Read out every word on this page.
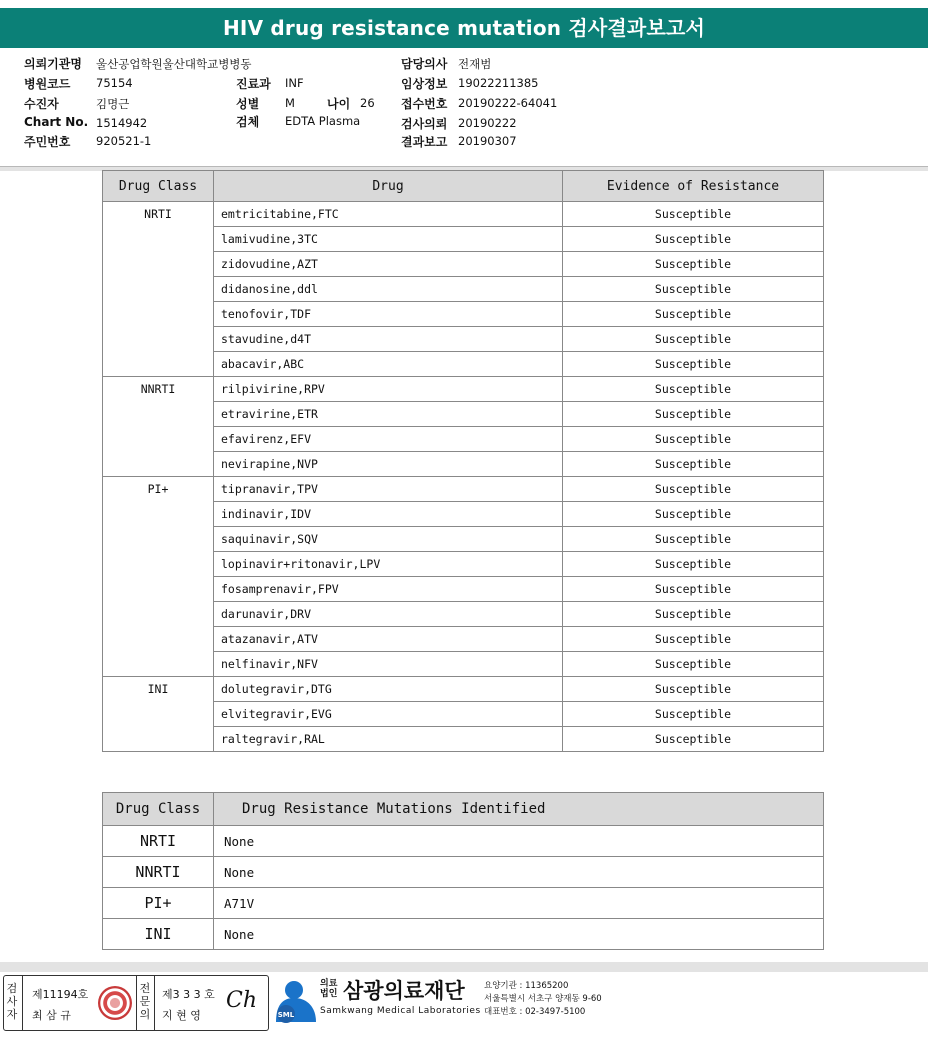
HIV drug resistance mutation 검사결과보고서
의뢰기관명 울산공업학원울산대학교병병동
병원코드 75154
수진자	김명근
Chart No. 1514942
주민번호 920521-1
진료과 INF
성별 M	나이 26
검체 EDTA Plasma
담당의사 전재범
임상정보 19022211385
접수번호 20190222-64041
검사의뢰 20190222
결과보고 20190307
Drug Class	Drug	Evidence of Resistance
NRTI	emtricitabine,FTC	Susceptible
	lamivudine,3TC	Susceptible
	zidovudine,AZT	Susceptible
	didanosine,ddl	Susceptible
	tenofovir,TDF	Susceptible
	stavudine,d4T	Susceptible
	abacavir,ABC	Susceptible
NNRTI	rilpivirine,RPV	Susceptible
	etravirine,ETR	Susceptible
	efavirenz,EFV	Susceptible
	nevirapine,NVP	Susceptible
PI+	tipranavir,TPV	Susceptible
	indinavir,IDV	Susceptible
	saquinavir,SQV	Susceptible
	lopinavir+ritonavir,LPV	Susceptible
	fosamprenavir,FPV	Susceptible
	darunavir,DRV	Susceptible
	atazanavir,ATV	Susceptible
	nelfinavir,NFV	Susceptible
INI	dolutegravir,DTG	Susceptible
	elvitegravir,EVG	Susceptible
	raltegravir,RAL	Susceptible
Drug Class	Drug Resistance Mutations Identified
NRTI	None
NNRTI	None
PI+	A71V
INI	None
검사자
제11194호
최 삼 규
전문의
제3 3 3 호
지 현 영
Ch
SML
의료법인 삼광의료재단
Samkwang Medical Laboratories
요양기관 : 11365200
서울특별시 서초구 양재동 9-60
대표번호 : 02-3497-5100
